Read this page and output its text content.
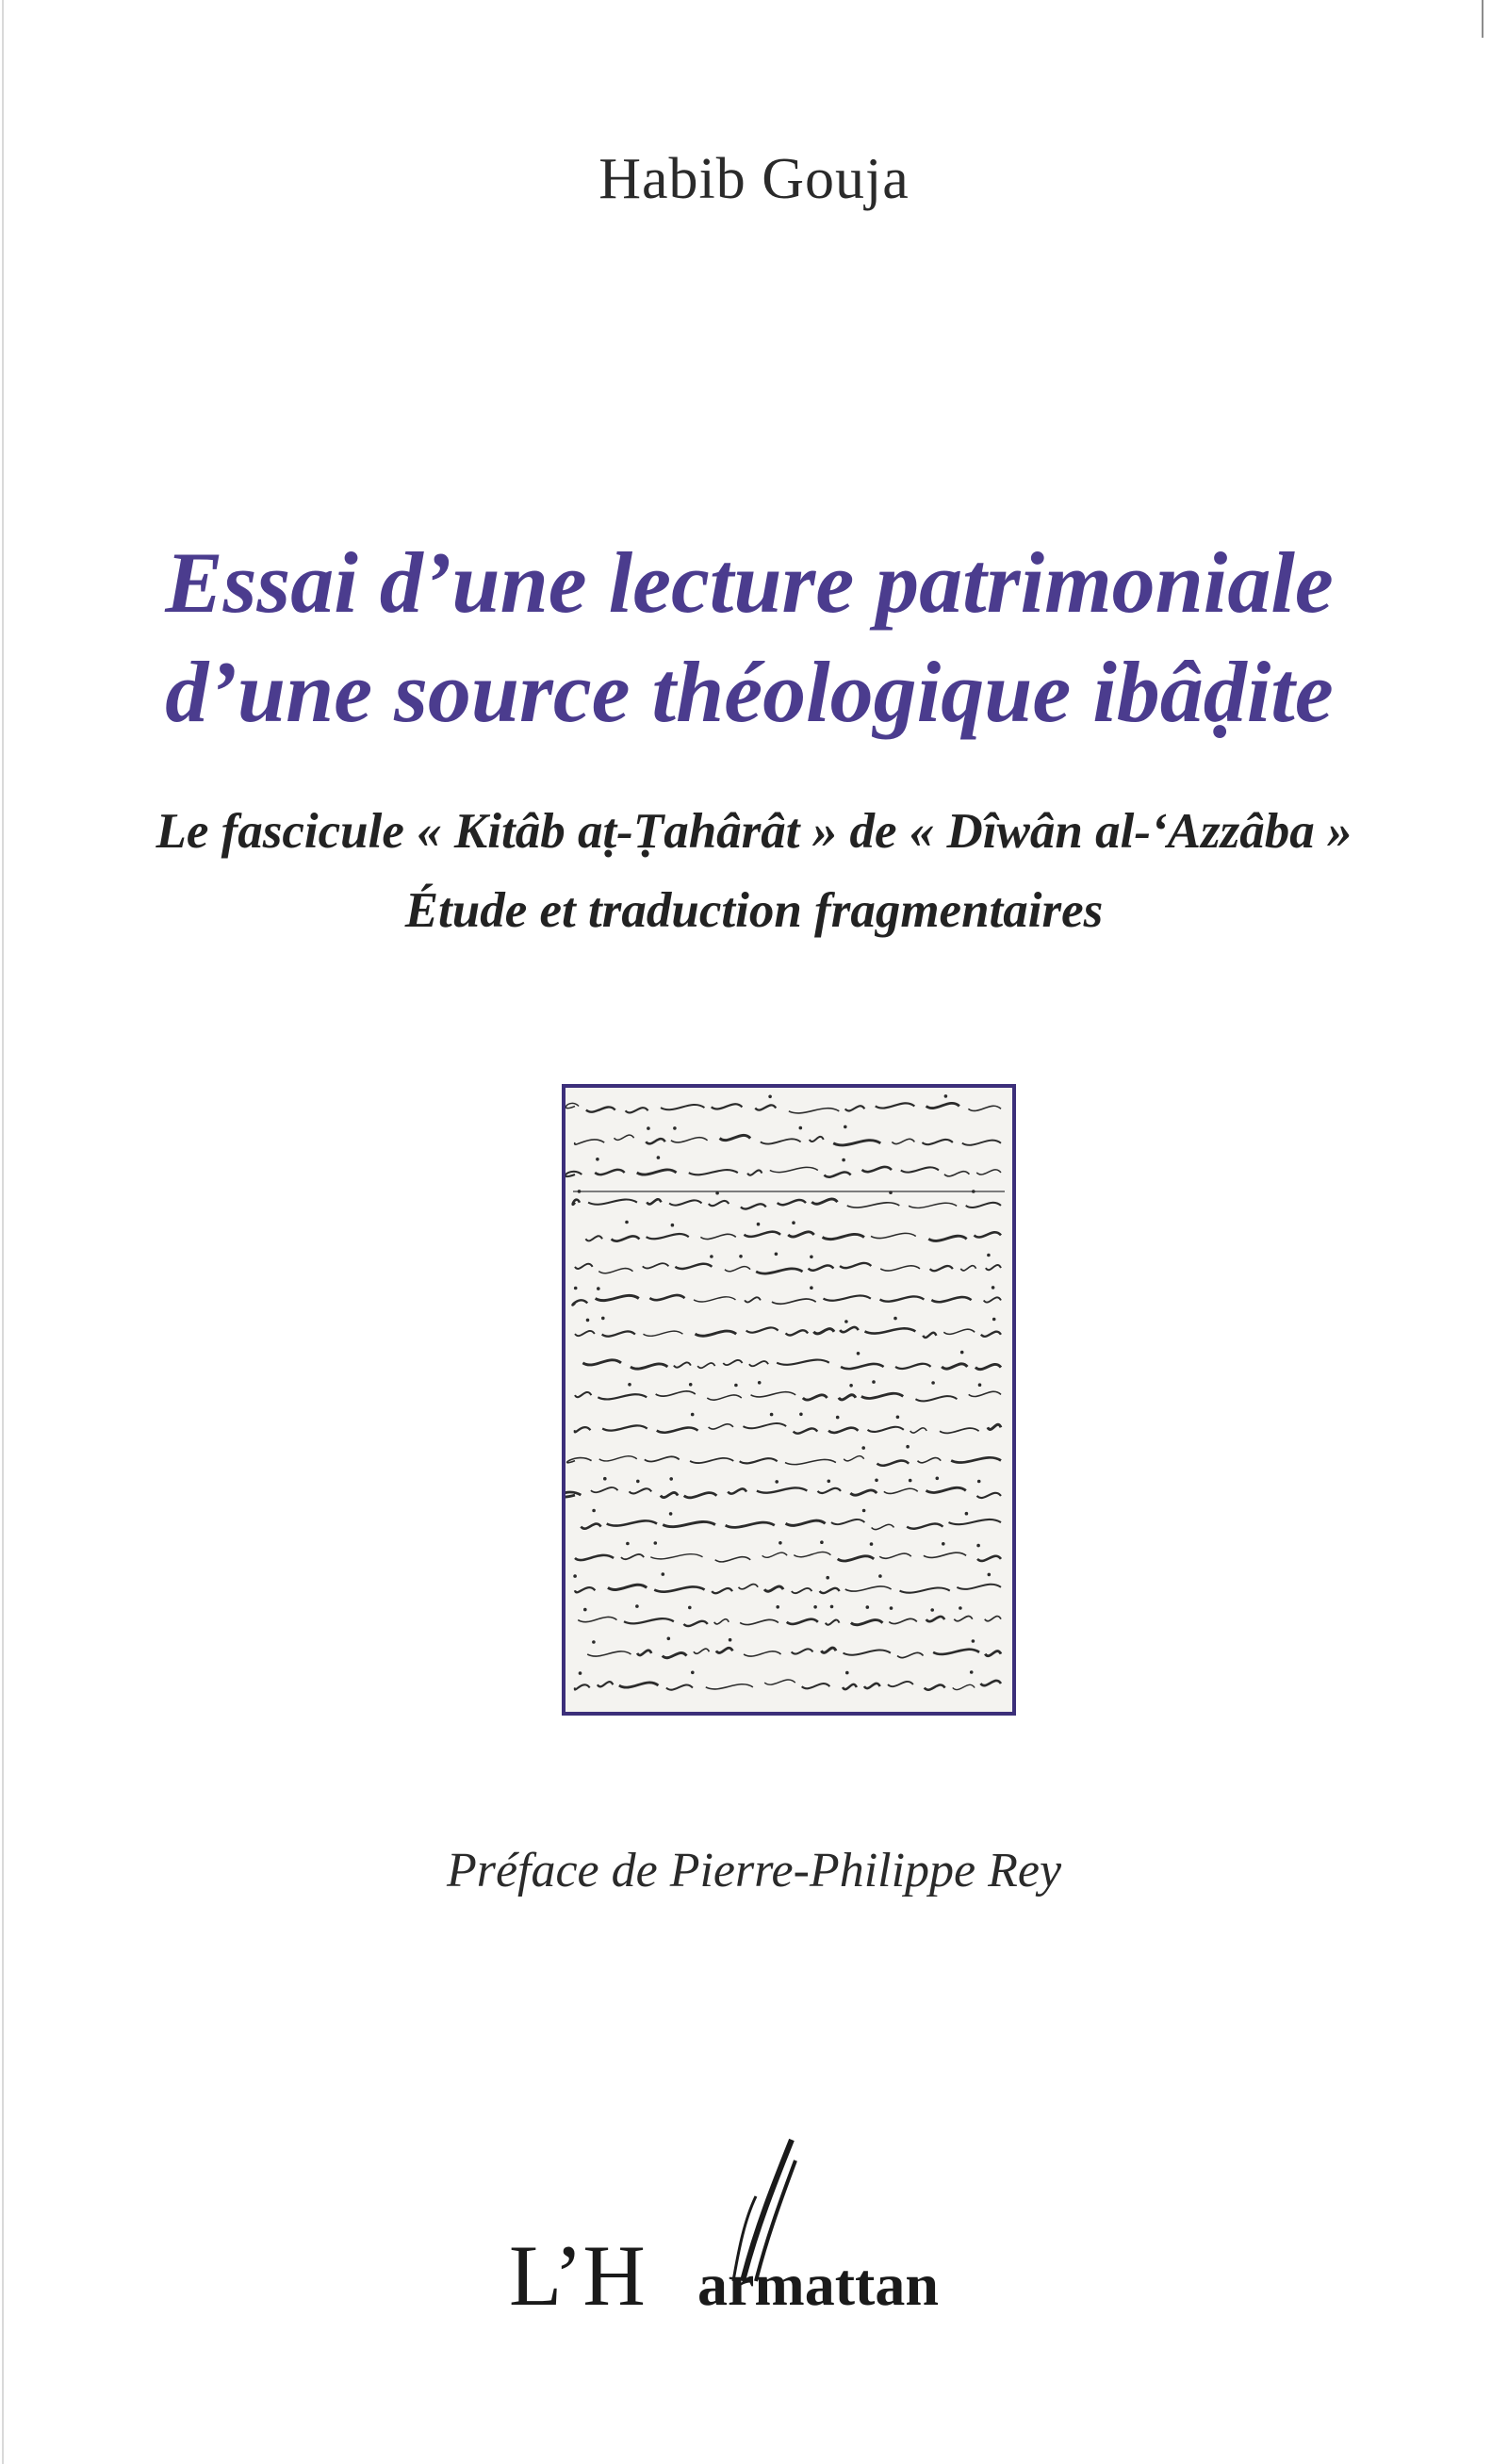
Habib Gouja
Essai d’une lecture patrimoniale
d’une source théologique ibâḍite
Le fascicule « Kitâb aṭ-Ṭahârât » de « Dîwân al-‘Azzâba »
Étude et traduction fragmentaires
Préface de Pierre-Philippe Rey
L’H armattan
